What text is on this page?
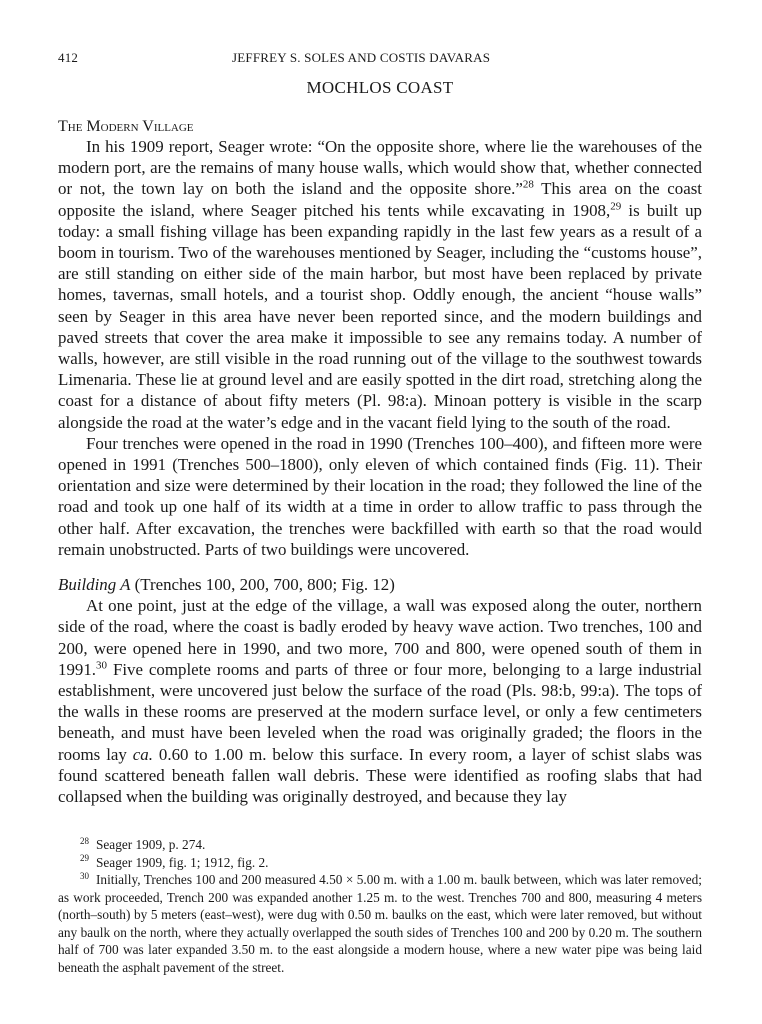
412	JEFFREY S. SOLES AND COSTIS DAVARAS
MOCHLOS COAST
The Modern Village

In his 1909 report, Seager wrote: “On the opposite shore, where lie the warehouses of the modern port, are the remains of many house walls, which would show that, whether connected or not, the town lay on both the island and the opposite shore.”$^{28}$ This area on the coast opposite the island, where Seager pitched his tents while excavating in 1908,29 is built up today: a small fishing village has been expanding rapidly in the last few years as a result of a boom in tourism. Two of the warehouses mentioned by Seager, including the “customs house”, are still standing on either side of the main harbor, but most have been replaced by private homes, tavernas, small hotels, and a tourist shop. Oddly enough, the ancient “house walls” seen by Seager in this area have never been reported since, and the modern buildings and paved streets that cover the area make it impossible to see any remains today. A number of walls, however, are still visible in the road running out of the village to the southwest towards Limenaria. These lie at ground level and are easily spotted in the dirt road, stretching along the coast for a distance of about fifty meters (Pl. 98:a). Minoan pottery is visible in the scarp alongside the road at the water’s edge and in the vacant field lying to the south of the road.

Four trenches were opened in the road in 1990 (Trenches 100–400), and fifteen more were opened in 1991 (Trenches 500–1800), only eleven of which contained finds (Fig. 11). Their orientation and size were determined by their location in the road; they followed the line of the road and took up one half of its width at a time in order to allow traffic to pass through the other half. After excavation, the trenches were backfilled with earth so that the road would remain unobstructed. Parts of two buildings were uncovered.

Building A (Trenches 100, 200, 700, 800; Fig. 12)

At one point, just at the edge of the village, a wall was exposed along the outer, northern side of the road, where the coast is badly eroded by heavy wave action. Two trenches, 100 and 200, were opened here in 1990, and two more, 700 and 800, were opened south of them in 1991.30 Five complete rooms and parts of three or four more, belonging to a large industrial establishment, were uncovered just below the surface of the road (Pls. 98:b, 99:a). The tops of the walls in these rooms are preserved at the modern surface level, or only a few centimeters beneath, and must have been leveled when the road was originally graded; the floors in the rooms lay ca. 0.60 to 1.00 m. below this surface. In every room, a layer of schist slabs was found scattered beneath fallen wall debris. These were identified as roofing slabs that had collapsed when the building was originally destroyed, and because they lay

$^{28}$ Seager 1909, p. 274.

$^{29}$ Seager 1909, fig. 1; 1912, fig. 2.

$^{30}$ Initially, Trenches 100 and 200 measured 4.50 × 5.00 m. with a 1.00 m. baulk between, which was later removed; as work proceeded, Trench 200 was expanded another 1.25 m. to the west. Trenches 700 and 800, measuring 4 meters (north–south) by 5 meters (east–west), were dug with 0.50 m. baulks on the east, which were later removed, but without any baulk on the north, where they actually overlapped the south sides of Trenches 100 and 200 by 0.20 m. The southern half of 700 was later expanded 3.50 m. to the east alongside a modern house, where a new water pipe was being laid beneath the asphalt pavement of the street.
